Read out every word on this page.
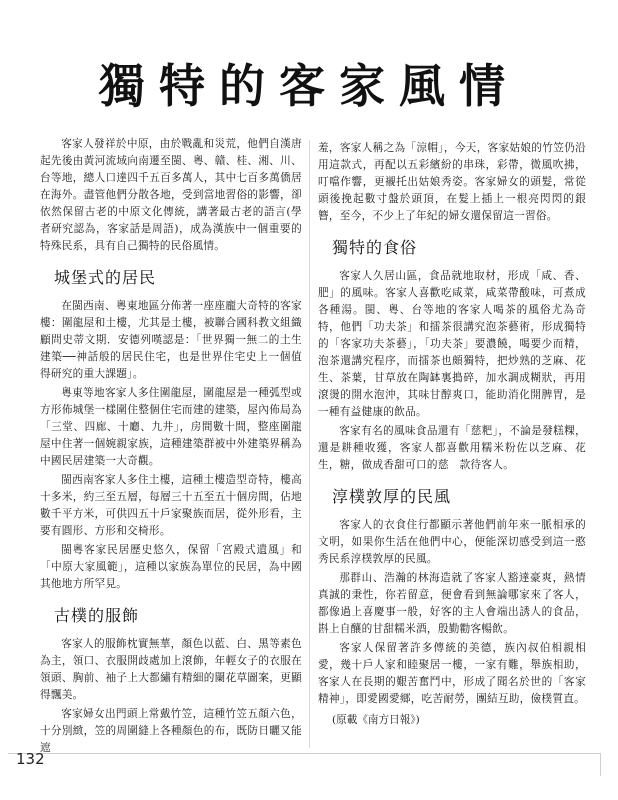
獨特的客家風情

客家人發祥於中原，由於戰亂和災荒，他們自漢唐起先後由黃河流域向南遷至閩、粵、贛、桂、湘、川、台等地，總人口達四千五百多萬人，其中七百多萬僑居在海外。盡管他們分散各地，受到當地習俗的影響，卻依然保留古老的中原文化傳統，講著最古老的語言(學者研究認為，客家話是周語)，成為漢族中一個重要的特殊民系，具有自己獨特的民俗風情。

城堡式的居民

在閩西南、粵東地區分佈著一座座龐大奇特的客家樓：圍龍屋和土樓，尤其是土樓，被聯合國科教文組織顧問史蒂文期．安德列嘆認是：「世界獨一無二的土生建築──神話般的居民住宅，也是世界住宅史上一個值得研究的重大課題」。

粵東等地客家人多住圍龍屋，圍龍屋是一種弧型或方形佈城堡一樣圍住整個住宅而建的建築，屋內佈局為「三堂、四廊、十廳、九井」，房間數十間，整座圍龍屋中住著一個婉親家族，這種建築群被中外建築界稱為中國民居建築一大奇觀。

閩西南客家人多住土樓，這種土樓造型奇特，樓高十多米，約三至五層，每層三十五至五十個房間，佔地數千平方米，可供四五十戶家聚族而居，從外形看，主要有圓形、方形和交椅形。

閩粵客家民居歷史悠久，保留「宮殿式遺風」和「中原大家風範」，這種以家族為單位的民居，為中國其他地方所罕見。

古樸的服飾

客家人的服飾枕實無華，顏色以藍、白、黑等素色為主，領口、衣服開歧處加上滾飾，年輕女子的衣服在領頭、胸前、袖子上大都繡有精細的闌花草圖案，更顯得飄美。

客家婦女出門頭上常戴竹笠，這種竹笠五顏六色，十分別緻，笠的周圍縫上各種顏色的布，既防日曬又能遮

羞，客家人稱之為「涼帽」，今天，客家姑娘的竹笠仍沿用這款式，再配以五彩繽紛的串珠，彩帶，微風吹拂，叮噹作響，更襯托出姑娘秀姿。客家婦女的頭髮，常從頭後挽起數寸盤於頭頂，在髮上插上一根亮閃閃的銀簪，至今，不少上了年紀的婦女還保留這一習俗。

獨特的食俗

客家人久居山區，食品就地取材，形成「咸、香、肥」的風味。客家人喜歡吃咸菜，咸菜帶酸味，可煮成各種湯。閩、粵、台等地的客家人喝茶的風俗尤為奇特，他們「功夫茶」和擂茶很講究泡茶藝術，形成獨特的「客家功夫茶藝」，「功夫茶」要濃饒，喝要少而精，泡茶還講究程序，而擂茶也頗獨特，把炒熟的芝麻、花生、茶葉，甘草放在陶缽裏搗碎，加水調成糊狀，再用滾燙的開水泡沖，其味甘醇爽口，能助消化開脾胃，是一種有益健康的飲品。

客家有名的風味食品還有「慈粑」，不論是發糕粿，還是耕種收獲，客家人都喜歡用糯米粉佐以芝麻、花生，糖，做成香甜可口的慈　款待客人。

淳樸敦厚的民風

客家人的衣食住行都顯示著他們前年來一脈相承的文明，如果你生活在他們中心，便能深切感受到這一憨秀民系淳樸敦厚的民風。

那群山、浩瀚的林海造就了客家人豁達豪爽，熱情真誠的秉性，你若留意，便會看到無論哪家來了客人，都像過上喜慶事一般，好客的主人會端出誘人的食品，斟上自釀的甘甜糯米酒，殷勤勸客暢飲。

客家人保留著許多傳統的美德，族內叔伯相親相愛，幾十戶人家和睦聚居一樓，一家有難，舉族相助，客家人在長期的艱苦奮鬥中，形成了聞名於世的「客家精神」，即愛國愛鄉，吃苦耐勞，團結互助，儉樸質直。

(原載《南方日報》)
132
